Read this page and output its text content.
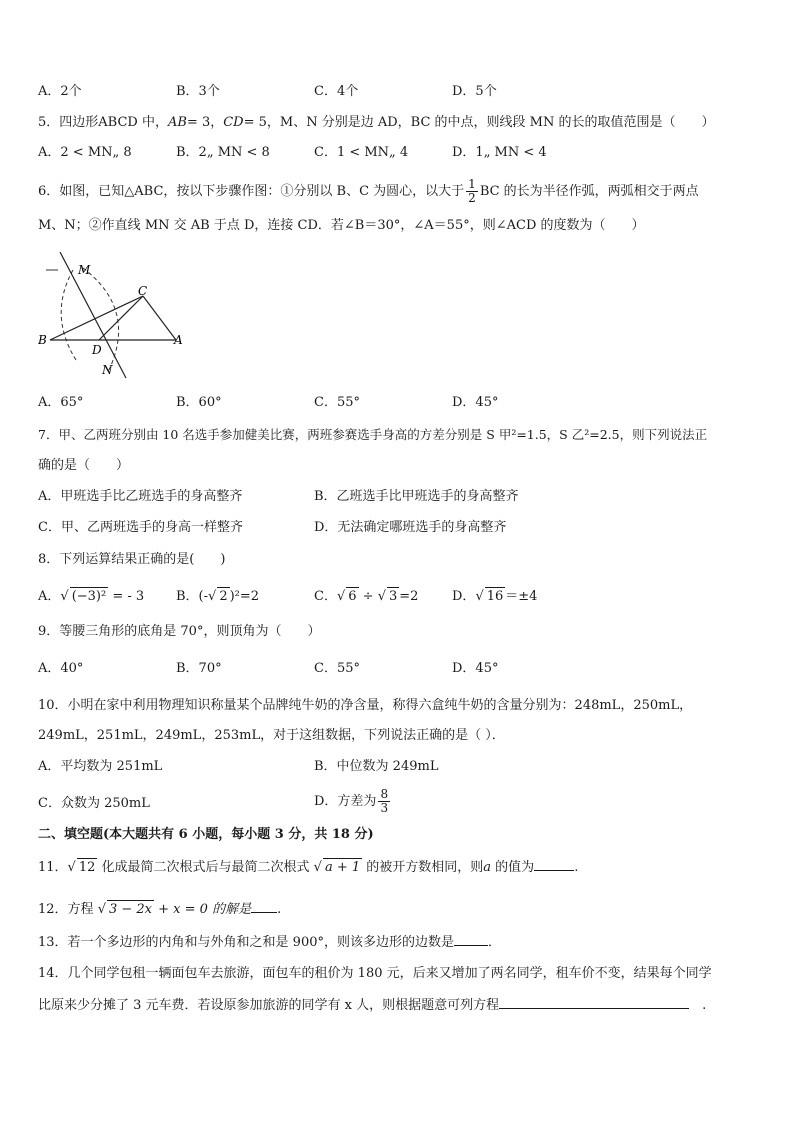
A．2个	B．3个	C．4个	D．5个
5．四边形ABCD 中，AB= 3，CD= 5，M、N 分别是边 AD，BC 的中点，则线段 MN 的长的取值范围是（　　）
A．2 < MN„ 8	B．2„ MN < 8	C．1 < MN„ 4	D．1„ MN < 4
6．如图，已知△ABC，按以下步骤作图：①分别以 B、C 为圆心，以大于 $\frac{1}{2}$ BC 的长为半径作弧，两弧相交于两点
M、N；②作直线 MN 交 AB 于点 D，连接 CD．若∠B＝30°，∠A＝55°，则∠ACD 的度数为（　　）
M
C
B
D
A
N
A．65°	B．60°	C．55°	D．45°
7．甲、乙两班分别由 10 名选手参加健美比赛，两班参赛选手身高的方差分别是 S 甲²=1.5，S 乙²=2.5，则下列说法正
确的是（　　）
A．甲班选手比乙班选手的身高整齐	B．乙班选手比甲班选手的身高整齐
C．甲、乙两班选手的身高一样整齐	D．无法确定哪班选手的身高整齐
8．下列运算结果正确的是(　　)
A．√ (−3)² = - 3 B．(-√ 2 )²=2	C．√ 6 ÷ √ 3 =2	D．√ 16 ＝±4
9．等腰三角形的底角是 70°，则顶角为（　　）
A．40°	B．70°	C．55°	D．45°
10．小明在家中利用物理知识称量某个品牌纯牛奶的净含量，称得六盒纯牛奶的含量分别为：248mL，250mL，
249mL，251mL，249mL，253mL，对于这组数据，下列说法正确的是（ ）．
A．平均数为 251mL	B．中位数为 249mL
C．众数为 250mL	D．方差为 $\frac{8}{3}$
二、填空题(本大题共有 6 小题，每小题 3 分，共 18 分)
11．√ 12 化成最简二次根式后与最简二次根式 √ a + 1 的被开方数相同，则a 的值为	.
12．方程 √ 3 − 2x + x = 0 的解是 .
13．若一个多边形的内角和与外角和之和是 900°，则该多边形的边数是	．
14．几个同学包租一辆面包车去旅游，面包车的租价为 180 元，后来又增加了两名同学，租车价不变，结果每个同学
比原来少分摊了 3 元车费．若设原参加旅游的同学有 x 人，则根据题意可列方程	　.
